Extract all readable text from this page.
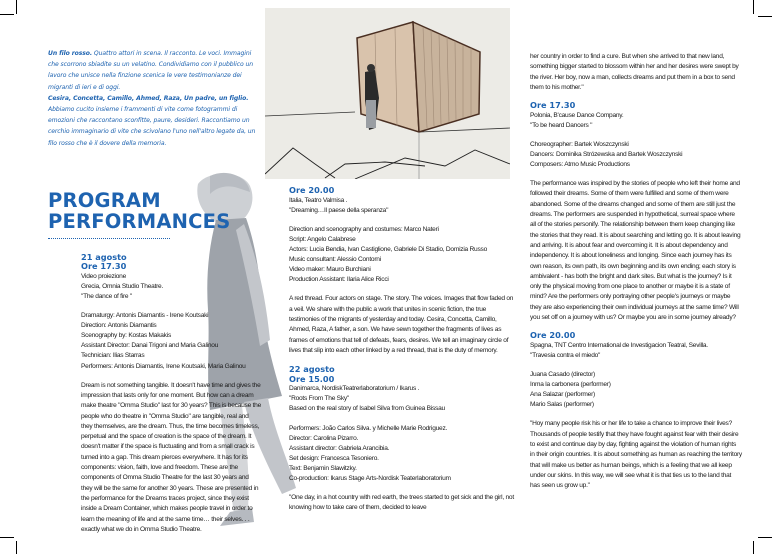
Un filo rosso. Quattro attori in scena. Il racconto. Le voci. Immagini che scorrono sbiadite su un velatino. Condividiamo con il pubblico un lavoro che unisce nella finzione scenica le vere testimonianze dei migranti di ieri e di oggi.
Cesira, Concetta, Camillo, Ahmed, Raza, Un padre, un figlio. Abbiamo cucito insieme i frammenti di vite come fotogrammi di emozioni che raccontano sconfitte, paure, desideri. Raccontiamo un cerchio immaginario di vite che scivolano l'uno nell'altro legate da, un filo rosso che è il dovere della memoria.
PROGRAM
PERFORMANCES
21 agosto
Ore 17.30
Video proiezione
Grecia, Omnia Studio Theatre.
"The dance of fire "
Dramaturgy: Antonis Diamantis - Irene Koutsaki
Direction: Antonis Diamantis
Scenography by: Kostas Makakis
Assistant Director: Danai Trigoni and Maria Galinou
Technician: Ilias Starras
Performers: Antonis Diamantis, Irene Koutsaki, Maria Galinou
Dream is not something tangible. It doesn't have time and gives the impression that lasts only for one moment. But how can a dream make theatre "Omma Studio" last for 30 years? This is because the people who do theatre in "Omma Studio" are tangible, real and they themselves, are the dream. Thus, the time becomes timeless, perpetual and the space of creation is the space of the dream. It doesn't matter if the space is fluctuating and from a small crack is turned into a gap. This dream pierces everywhere. It has for its components: vision, faith, love and freedom. These are the components of Omma Studio Theatre for the last 30 years and they will be the same for another 30 years. These are presented in the performance for the Dreams traces project, since they exist inside a Dream Container, which makes people travel in order to learn the meaning of life and at the same time… their selves. . . exactly what we do in Omma Studio Theatre.
Ore 20.00
Italia, Teatro Valmisa .
"Dreaming…Il paese della speranza"
Direction and scenography and costumes: Marco Nateri
Script: Angelo Calabrese
Actors: Lucia Bendia, Ivan Castiglione, Gabriele Di Stadio, Domizia Russo
Music consultant: Alessio Contorni
Video maker: Mauro Burchiani
Production Assistant: Ilaria Alice Ricci
A red thread. Four actors on stage. The story. The voices. Images that flow faded on a veil. We share with the public a work that unites in scenic fiction, the true testimonies of the migrants of yesterday and today. Cesira, Concetta, Camillo, Ahmed, Raza, A father, a son. We have sewn together the fragments of lives as frames of emotions that tell of defeats, fears, desires. We tell an imaginary circle of lives that slip into each other linked by a red thread, that is the duty of memory.
22 agosto
Ore 15.00
Danimarca, NordiskTeatrerlaboratorium / Ikarus .
"Roots From The Sky"
Based on the real story of Isabel Silva from Guinea Bissau
Performers: João Carlos Silva. y Michelle Marie Rodriguez.
Director: Carolina Pizarro.
Assistant director: Gabriela Arancibia.
Set design: Francesca Tesoniero.
Text: Benjamin Slawitzky.
Co-production: Ikarus Stage Arts-Nordisk Teaterlaboratorium
"One day, in a hot country with red earth, the trees started to get sick and the girl, not knowing how to take care of them, decided to leave
her country in order to find a cure. But when she arrived to that new land, something bigger started to blossom within her and her desires were swept by the river. Her boy, now a man, collects dreams and put them in a box to send them to his mother."
Ore 17.30
Polonia, B'cause Dance Company.
"To be heard Dancers "
Choreographer: Bartek Woszczynski
Dancers: Dominika Strózewska and Bartek Woszczynski
Composers: Atmo Music Productions
The performance was inspired by the stories of people who left their home and followed their dreams. Some of them were fulfilled and some of them were abandoned. Some of the dreams changed and some of them are still just the dreams. The performers are suspended in hypothetical, surreal space where all of the stories personify. The relationship between them keep changing like the stories that they read. It is about searching and letting go. It is about leaving and arriving. It is about fear and overcoming it. It is about dependency and independency. It is about loneliness and longing. Since each journey has its own reason, its own path, its own beginning and its own ending; each story is ambivalent - has both the bright and dark sites. But what is the journey? Is it only the physical moving from one place to another or maybe it is a state of mind? Are the performers only portraying other people's journeys or maybe they are also experiencing their own individual journeys at the same time? Will you set off on a journey with us? Or maybe you are in some journey already?
Ore 20.00
Spagna, TNT Centro International de Investigacion Teatral, Sevilla.
"Travesia contra el miedo"
Juana Casado (director)
Inma la carbonera (performer)
Ana Salazar (performer)
Mario Salas (performer)
"Hoy many people risk his or her life to take a chance to improve their lives? Thousands of people testify that they have fought against fear with their desire to exist and continue day by day, fighting against the violation of human rights in their origin countries. It is about something as human as reaching the territory that will make us better as human beings, which is a feeling that we all keep under our skins. In this way, we will see what it is that ties us to the land that has seen us grow up."
